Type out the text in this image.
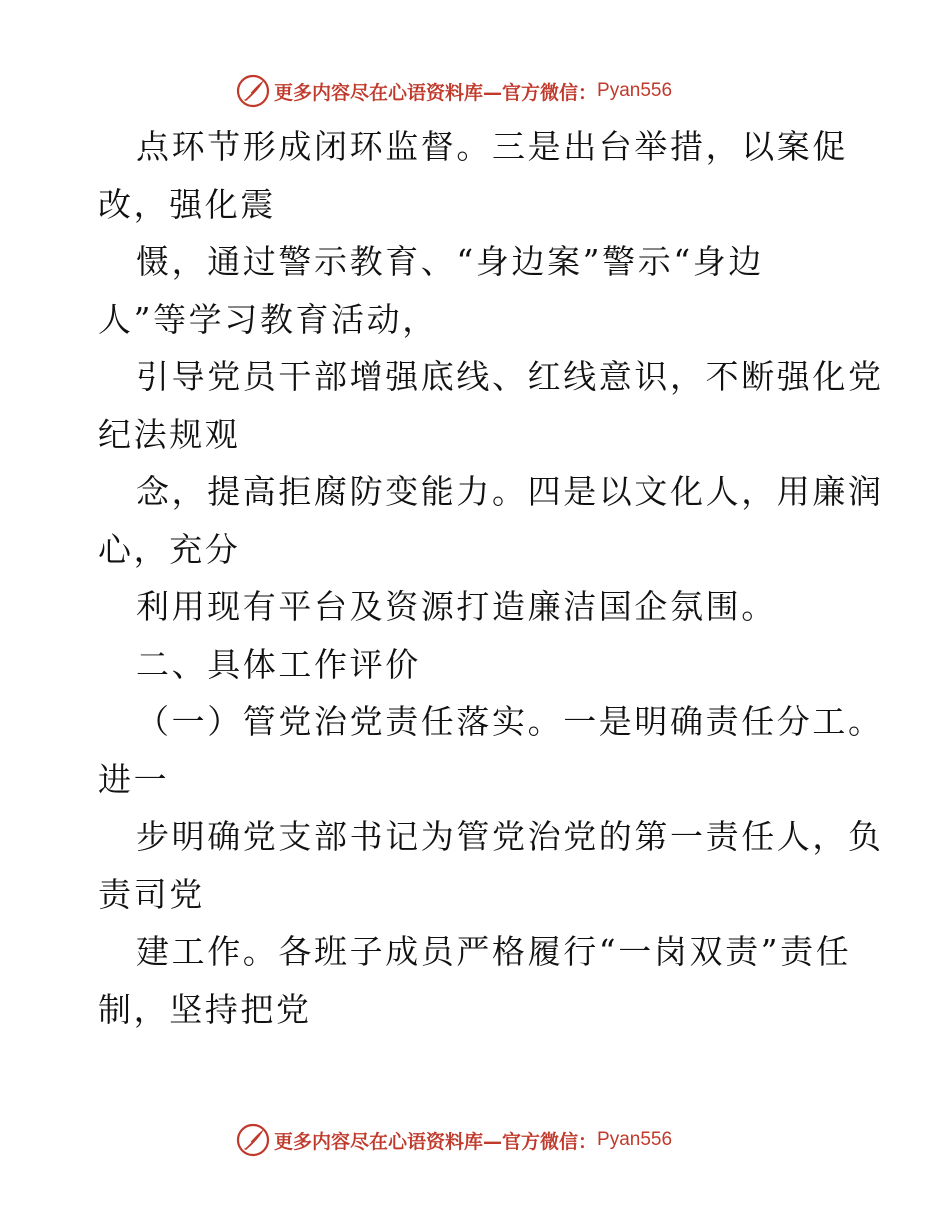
更多内容尽在心语资料库—官方微信： Pyan556
点环节形成闭环监督。三是出台举措，以案促
改，强化震
慑，通过警示教育、“身边案”警示“身边
人”等学习教育活动，
引导党员干部增强底线、红线意识，不断强化党
纪法规观
念，提高拒腐防变能力。四是以文化人，用廉润
心，充分
利用现有平台及资源打造廉洁国企氛围。
二、具体工作评价
（一）管党治党责任落实。一是明确责任分工。
进一
步明确党支部书记为管党治党的第一责任人，负
责司党
建工作。各班子成员严格履行“一岗双责”责任
制，坚持把党
更多内容尽在心语资料库—官方微信： Pyan556
